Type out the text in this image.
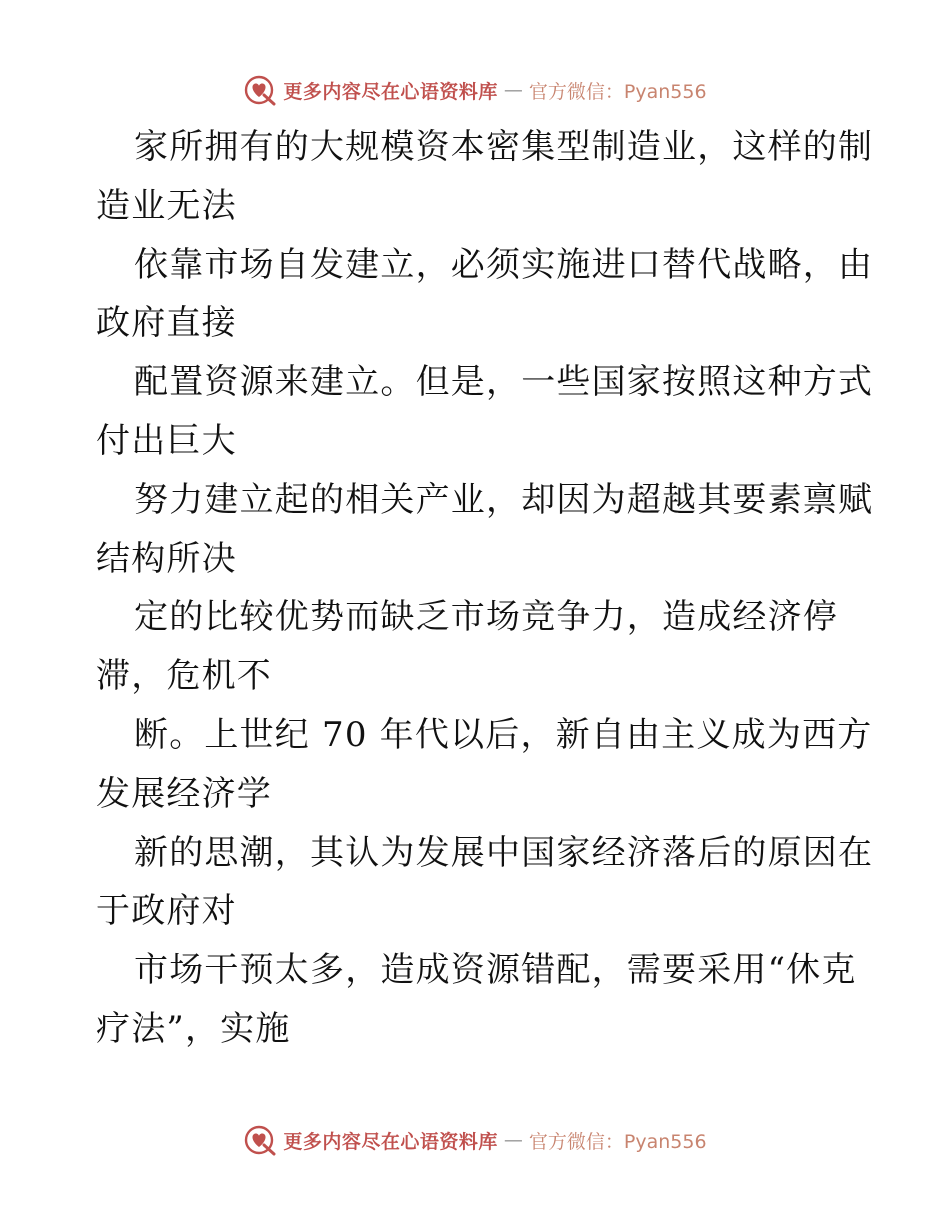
更多内容尽在心语资料库 — 官方微信：Pyan556
家所拥有的大规模资本密集型制造业，这样的制
造业无法
依靠市场自发建立，必须实施进口替代战略，由
政府直接
配置资源来建立。但是，一些国家按照这种方式
付出巨大
努力建立起的相关产业，却因为超越其要素禀赋
结构所决
定的比较优势而缺乏市场竞争力，造成经济停
滞，危机不
断。上世纪 70 年代以后，新自由主义成为西方
发展经济学
新的思潮，其认为发展中国家经济落后的原因在
于政府对
市场干预太多，造成资源错配，需要采用“休克
疗法”，实施
更多内容尽在心语资料库 — 官方微信：Pyan556
